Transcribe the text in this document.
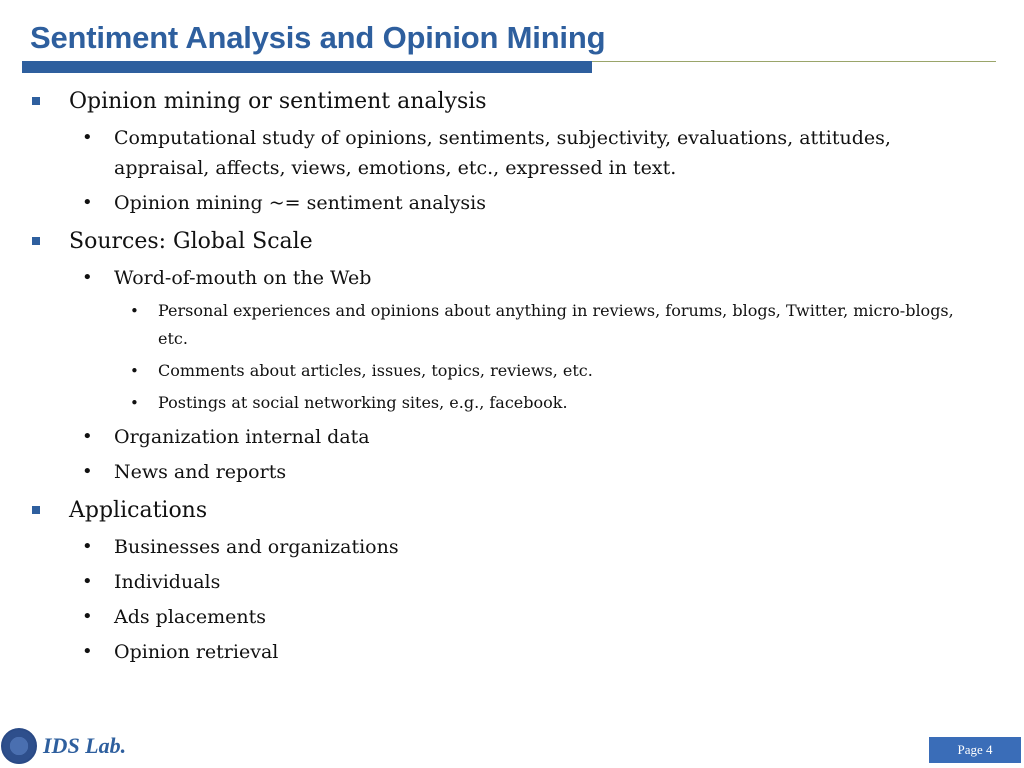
Sentiment Analysis and Opinion Mining
Opinion mining or sentiment analysis
•	Computational study of opinions, sentiments, subjectivity, evaluations, attitudes, appraisal, affects, views, emotions, etc., expressed in text.
•	Opinion mining ~= sentiment analysis
Sources: Global Scale
•	Word-of-mouth on the Web
•	Personal experiences and opinions about anything in reviews, forums, blogs, Twitter, micro-blogs, etc.
•	Comments about articles, issues, topics, reviews, etc.
•	Postings at social networking sites, e.g., facebook.
•	Organization internal data
•	News and reports
Applications
•	Businesses and organizations
•	Individuals
•	Ads placements
•	Opinion retrieval
IDS Lab.	Page 4
